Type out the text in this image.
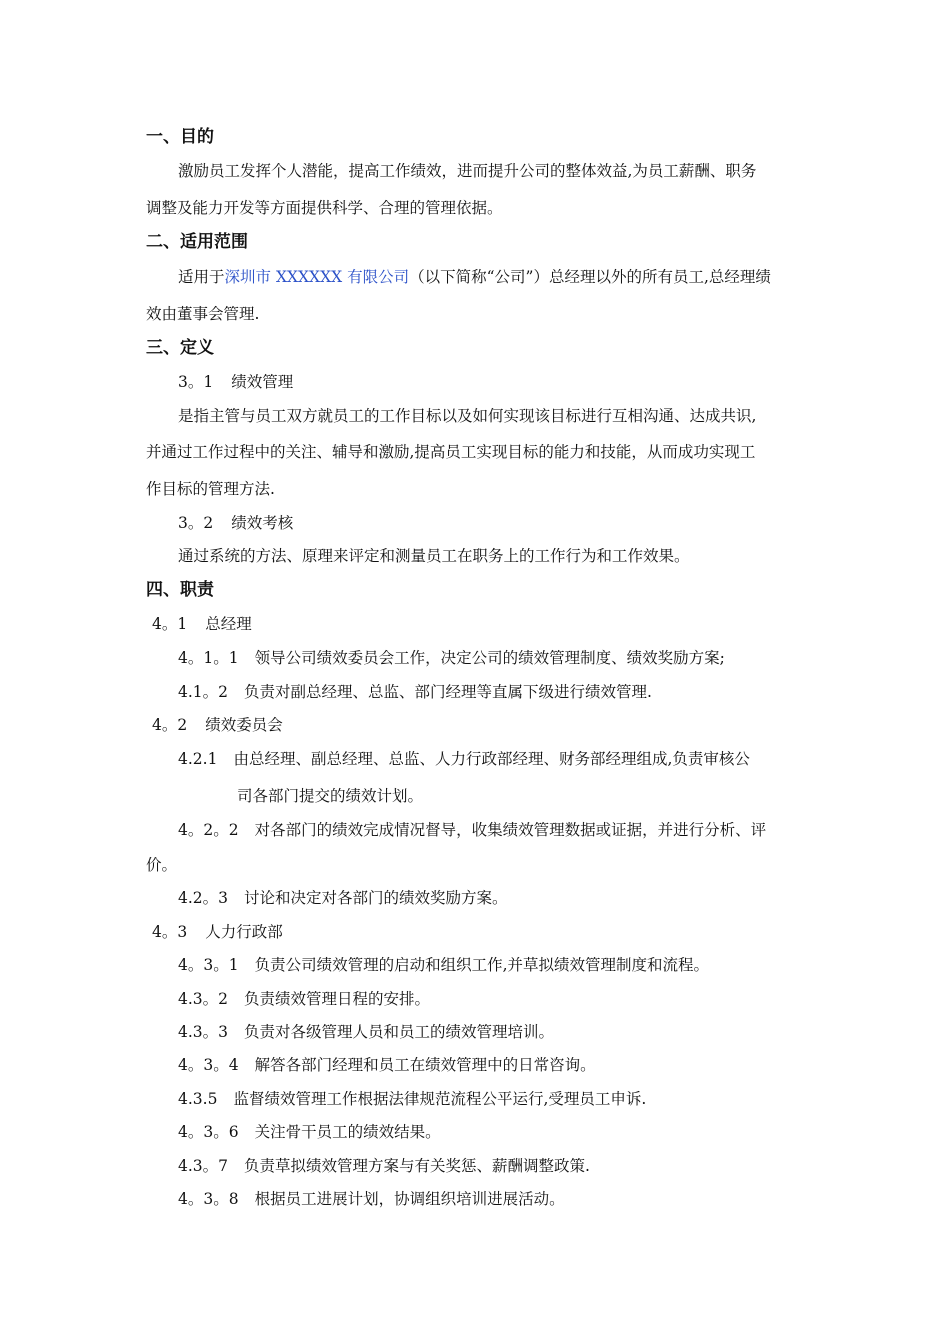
一、目的
激励员工发挥个人潜能，提高工作绩效，进而提升公司的整体效益,为员工薪酬、职务
调整及能力开发等方面提供科学、合理的管理依据。
二、适用范围
适用于深圳市 XXXXXX 有限公司（以下简称“公司”）总经理以外的所有员工,总经理绩
效由董事会管理.
三、定义
3。1 绩效管理
是指主管与员工双方就员工的工作目标以及如何实现该目标进行互相沟通、达成共识,
并通过工作过程中的关注、辅导和激励,提高员工实现目标的能力和技能，从而成功实现工
作目标的管理方法.
3。2 绩效考核
通过系统的方法、原理来评定和测量员工在职务上的工作行为和工作效果。
四、职责
4。1 总经理
4。1。1 领导公司绩效委员会工作，决定公司的绩效管理制度、绩效奖励方案;
4.1。2 负责对副总经理、总监、部门经理等直属下级进行绩效管理.
4。2 绩效委员会
4.2.1 由总经理、副总经理、总监、人力行政部经理、财务部经理组成,负责审核公
司各部门提交的绩效计划。
4。2。2 对各部门的绩效完成情况督导，收集绩效管理数据或证据，并进行分析、评
价。
4.2。3 讨论和决定对各部门的绩效奖励方案。
4。3 人力行政部
4。3。1 负责公司绩效管理的启动和组织工作,并草拟绩效管理制度和流程。
4.3。2 负责绩效管理日程的安排。
4.3。3 负责对各级管理人员和员工的绩效管理培训。
4。3。4 解答各部门经理和员工在绩效管理中的日常咨询。
4.3.5 监督绩效管理工作根据法律规范流程公平运行,受理员工申诉.
4。3。6 关注骨干员工的绩效结果。
4.3。7 负责草拟绩效管理方案与有关奖惩、薪酬调整政策.
4。3。8 根据员工进展计划，协调组织培训进展活动。
